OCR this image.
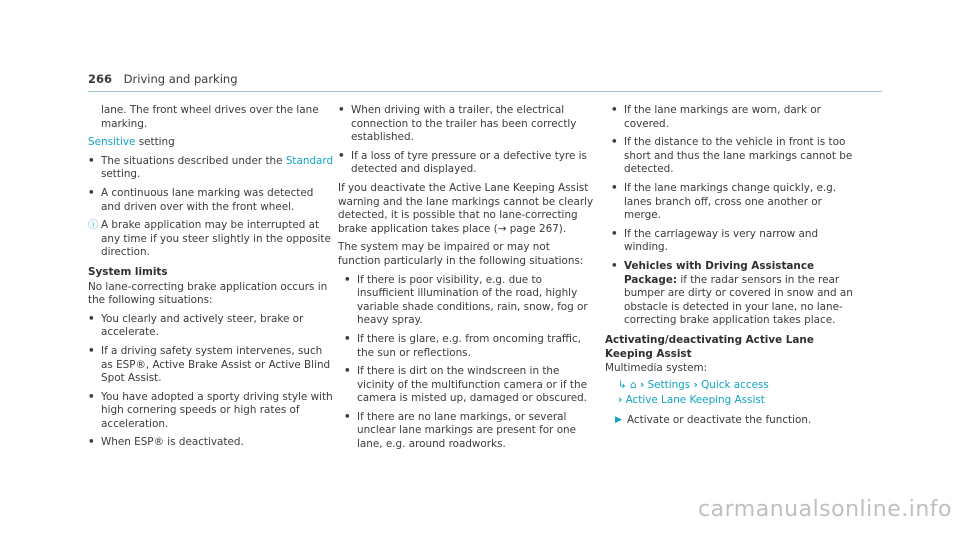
266 Driving and parking

lane. The front wheel drives over the lane marking.

Sensitive setting

• The situations described under the Standard setting.
• A continuous lane marking was detected and driven over with the front wheel.
ⓘ A brake application may be interrupted at any time if you steer slightly in the opposite direction.
System limits

No lane-correcting brake application occurs in the following situations:

• You clearly and actively steer, brake or accelerate.
• If a driving safety system intervenes, such as ESP®, Active Brake Assist or Active Blind Spot Assist.
• You have adopted a sporty driving style with high cornering speeds or high rates of acceleration.
• When ESP® is deactivated.
• When driving with a trailer, the electrical connection to the trailer has been correctly established.
• If a loss of tyre pressure or a defective tyre is detected and displayed.

If you deactivate the Active Lane Keeping Assist warning and the lane markings cannot be clearly detected, it is possible that no lane-correcting brake application takes place (→ page 267).

The system may be impaired or may not function particularly in the following situations:

• If there is poor visibility, e.g. due to insufficient illumination of the road, highly variable shade conditions, rain, snow, fog or heavy spray.
• If there is glare, e.g. from oncoming traffic, the sun or reflections.
• If there is dirt on the windscreen in the vicinity of the multifunction camera or if the camera is misted up, damaged or obscured.
• If there are no lane markings, or several unclear lane markings are present for one lane, e.g. around roadworks.
• If the lane markings are worn, dark or covered.
• If the distance to the vehicle in front is too short and thus the lane markings cannot be detected.
• If the lane markings change quickly, e.g. lanes branch off, cross one another or merge.
• If the carriageway is very narrow and winding.
• Vehicles with Driving Assistance Package: if the radar sensors in the rear bumper are dirty or covered in snow and an obstacle is detected in your lane, no lane-correcting brake application takes place.
Activating/deactivating Active Lane Keeping Assist
Multimedia system:
↳ ⌂ › Settings › Quick access
› Active Lane Keeping Assist
▶ Activate or deactivate the function.
carmanualsonline.info
